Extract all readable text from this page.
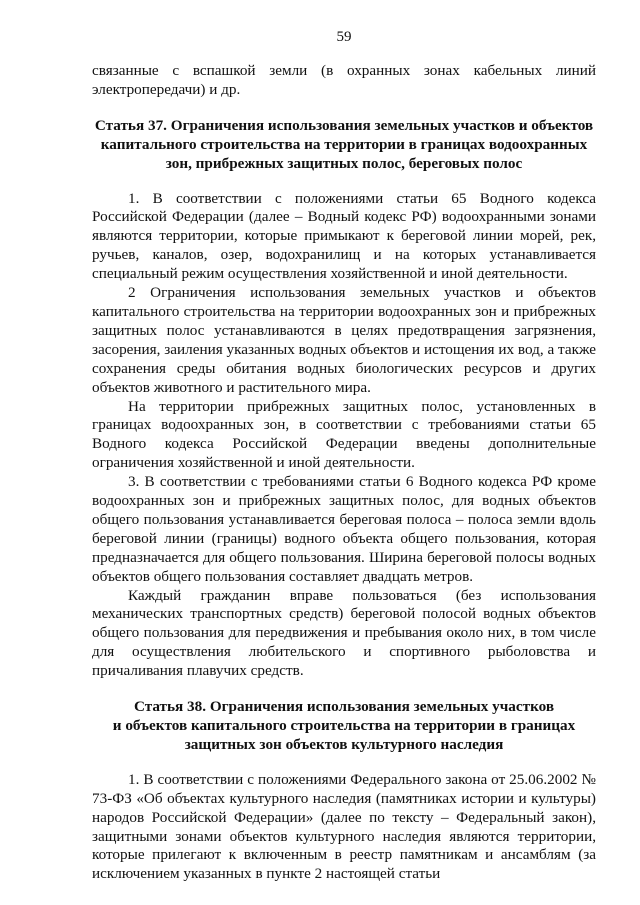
59

связанные с вспашкой земли (в охранных зонах кабельных линий электропередачи) и др.

Статья 37. Ограничения использования земельных участков и объектов капитального строительства на территории в границах водоохранных зон, прибрежных защитных полос, береговых полос

1. В соответствии с положениями статьи 65 Водного кодекса Российской Федерации (далее – Водный кодекс РФ) водоохранными зонами являются территории, которые примыкают к береговой линии морей, рек, ручьев, каналов, озер, водохранилищ и на которых устанавливается специальный режим осуществления хозяйственной и иной деятельности.

2 Ограничения использования земельных участков и объектов капитального строительства на территории водоохранных зон и прибрежных защитных полос устанавливаются в целях предотвращения загрязнения, засорения, заиления указанных водных объектов и истощения их вод, а также сохранения среды обитания водных биологических ресурсов и других объектов животного и растительного мира.

На территории прибрежных защитных полос, установленных в границах водоохранных зон, в соответствии с требованиями статьи 65 Водного кодекса Российской Федерации введены дополнительные ограничения хозяйственной и иной деятельности.

3. В соответствии с требованиями статьи 6 Водного кодекса РФ кроме водоохранных зон и прибрежных защитных полос, для водных объектов общего пользования устанавливается береговая полоса – полоса земли вдоль береговой линии (границы) водного объекта общего пользования, которая предназначается для общего пользования. Ширина береговой полосы водных объектов общего пользования составляет двадцать метров.

Каждый гражданин вправе пользоваться (без использования механических транспортных средств) береговой полосой водных объектов общего пользования для передвижения и пребывания около них, в том числе для осуществления любительского и спортивного рыболовства и причаливания плавучих средств.

Статья 38. Ограничения использования земельных участков
и объектов капитального строительства на территории в границах
защитных зон объектов культурного наследия

1. В соответствии с положениями Федерального закона от 25.06.2002 № 73-ФЗ «Об объектах культурного наследия (памятниках истории и культуры) народов Российской Федерации» (далее по тексту – Федеральный закон), защитными зонами объектов культурного наследия являются территории, которые прилегают к включенным в реестр памятникам и ансамблям (за исключением указанных в пункте 2 настоящей статьи
